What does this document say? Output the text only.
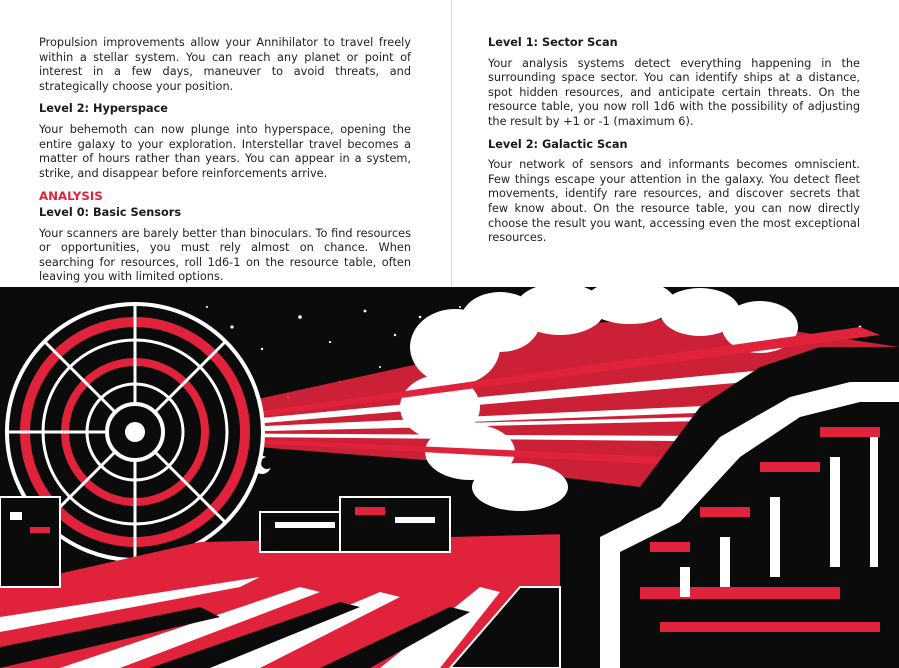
Propulsion improvements allow your Annihilator to travel freely within a stellar system. You can reach any planet or point of interest in a few days, maneuver to avoid threats, and strategically choose your position.

Level 2: Hyperspace

Your behemoth can now plunge into hyperspace, opening the entire galaxy to your exploration. Interstellar travel becomes a matter of hours rather than years. You can appear in a system, strike, and disappear before reinforcements arrive.

ANALYSIS
Level 0: Basic Sensors

Your scanners are barely better than binoculars. To find resources or opportunities, you must rely almost on chance. When searching for resources, roll 1d6-1 on the resource table, often leaving you with limited options.

Level 1: Sector Scan

Your analysis systems detect everything happening in the surrounding space sector. You can identify ships at a distance, spot hidden resources, and anticipate certain threats. On the resource table, you now roll 1d6 with the possibility of adjusting the result by +1 or -1 (maximum 6).

Level 2: Galactic Scan

Your network of sensors and informants becomes omniscient. Few things escape your attention in the galaxy. You detect fleet movements, identify rare resources, and discover secrets that few know about. On the resource table, you can now directly choose the result you want, accessing even the most exceptional resources.
